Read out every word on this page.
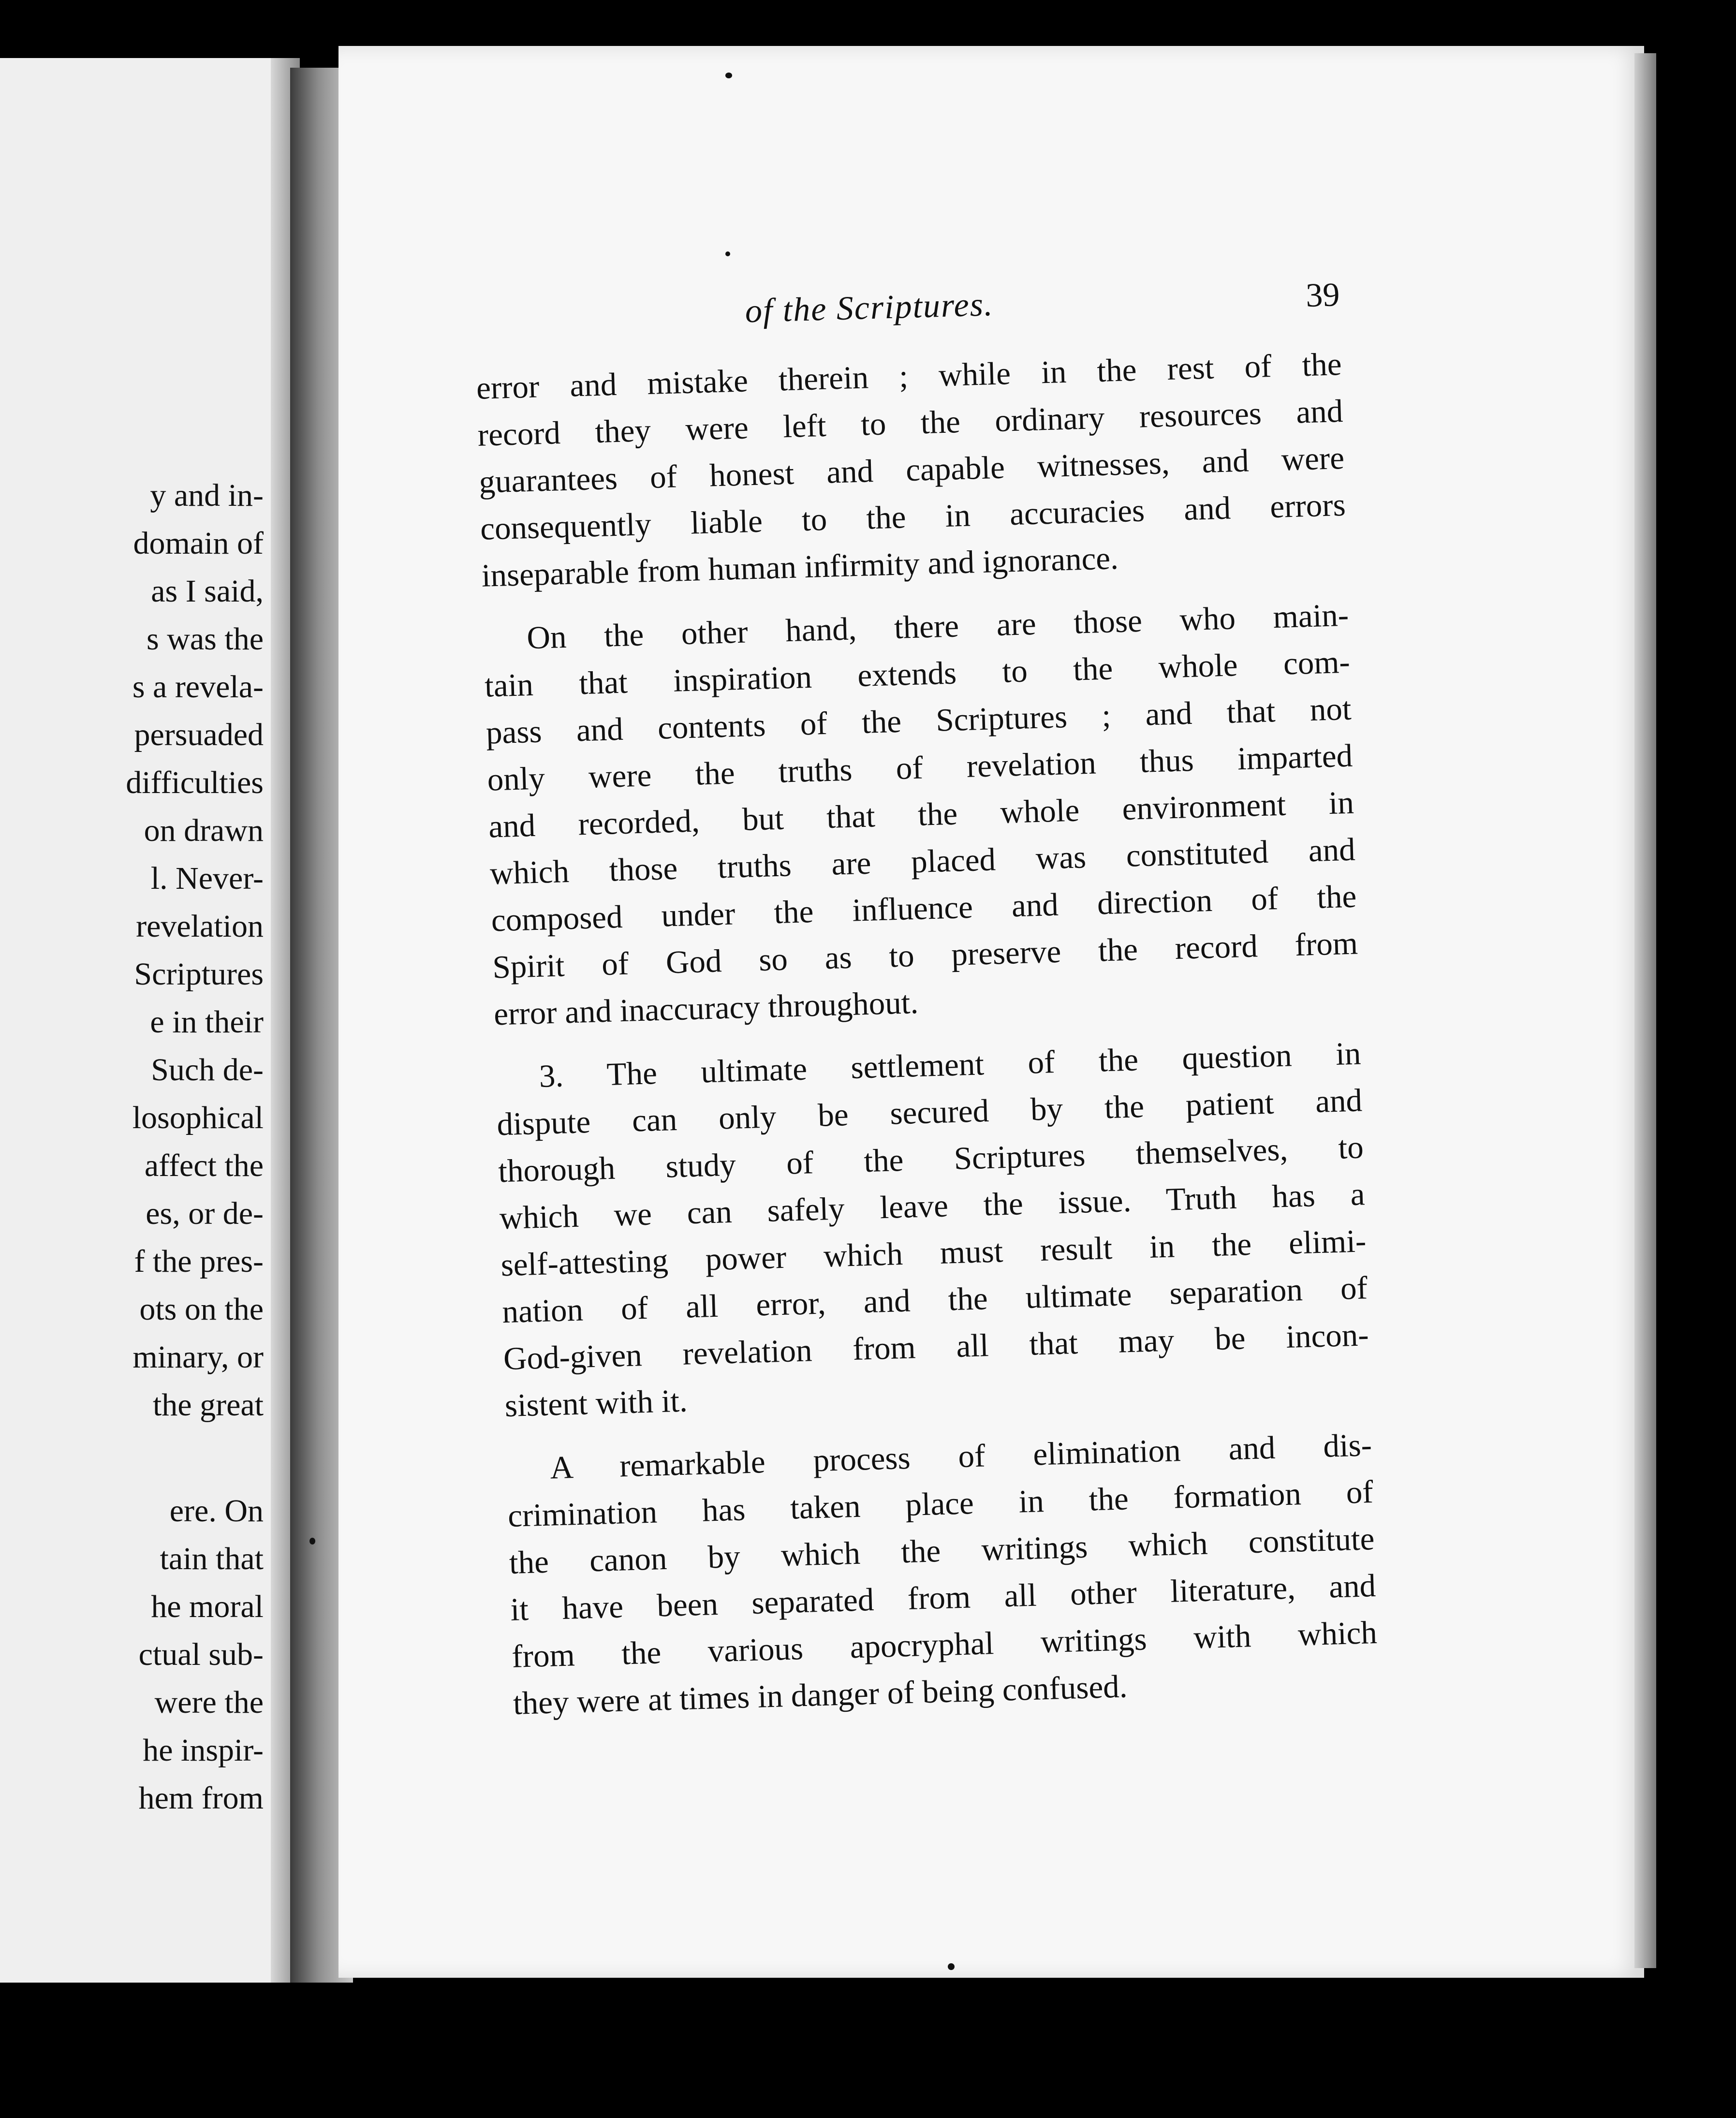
y and in-
domain of
as I said,
s was the
s a revela-
persuaded
difficulties
on drawn
l. Never-
revelation
Scriptures
e in their
Such de-
losophical
affect the
es, or de-
f the pres-
ots on the
minary, or
the great
ere. On
tain that
he moral
ctual sub-
were the
he inspir-
hem from
of the Scriptures.	39

error and mistake therein ; while in the rest of the
record they were left to the ordinary resources and
guarantees of honest and capable witnesses, and were
consequently liable to the in accuracies and errors
inseparable from human infirmity and ignorance.

On the other hand, there are those who main-
tain that inspiration extends to the whole com-
pass and contents of the Scriptures ; and that not
only were the truths of revelation thus imparted
and recorded, but that the whole environment in
which those truths are placed was constituted and
composed under the influence and direction of the
Spirit of God so as to preserve the record from
error and inaccuracy throughout.

3. The ultimate settlement of the question in
dispute can only be secured by the patient and
thorough study of the Scriptures themselves, to
which we can safely leave the issue. Truth has a
self-attesting power which must result in the elimi-
nation of all error, and the ultimate separation of
God-given revelation from all that may be incon-
sistent with it.

A remarkable process of elimination and dis-
crimination has taken place in the formation of
the canon by which the writings which constitute
it have been separated from all other literature, and
from the various apocryphal writings with which
they were at times in danger of being confused.
